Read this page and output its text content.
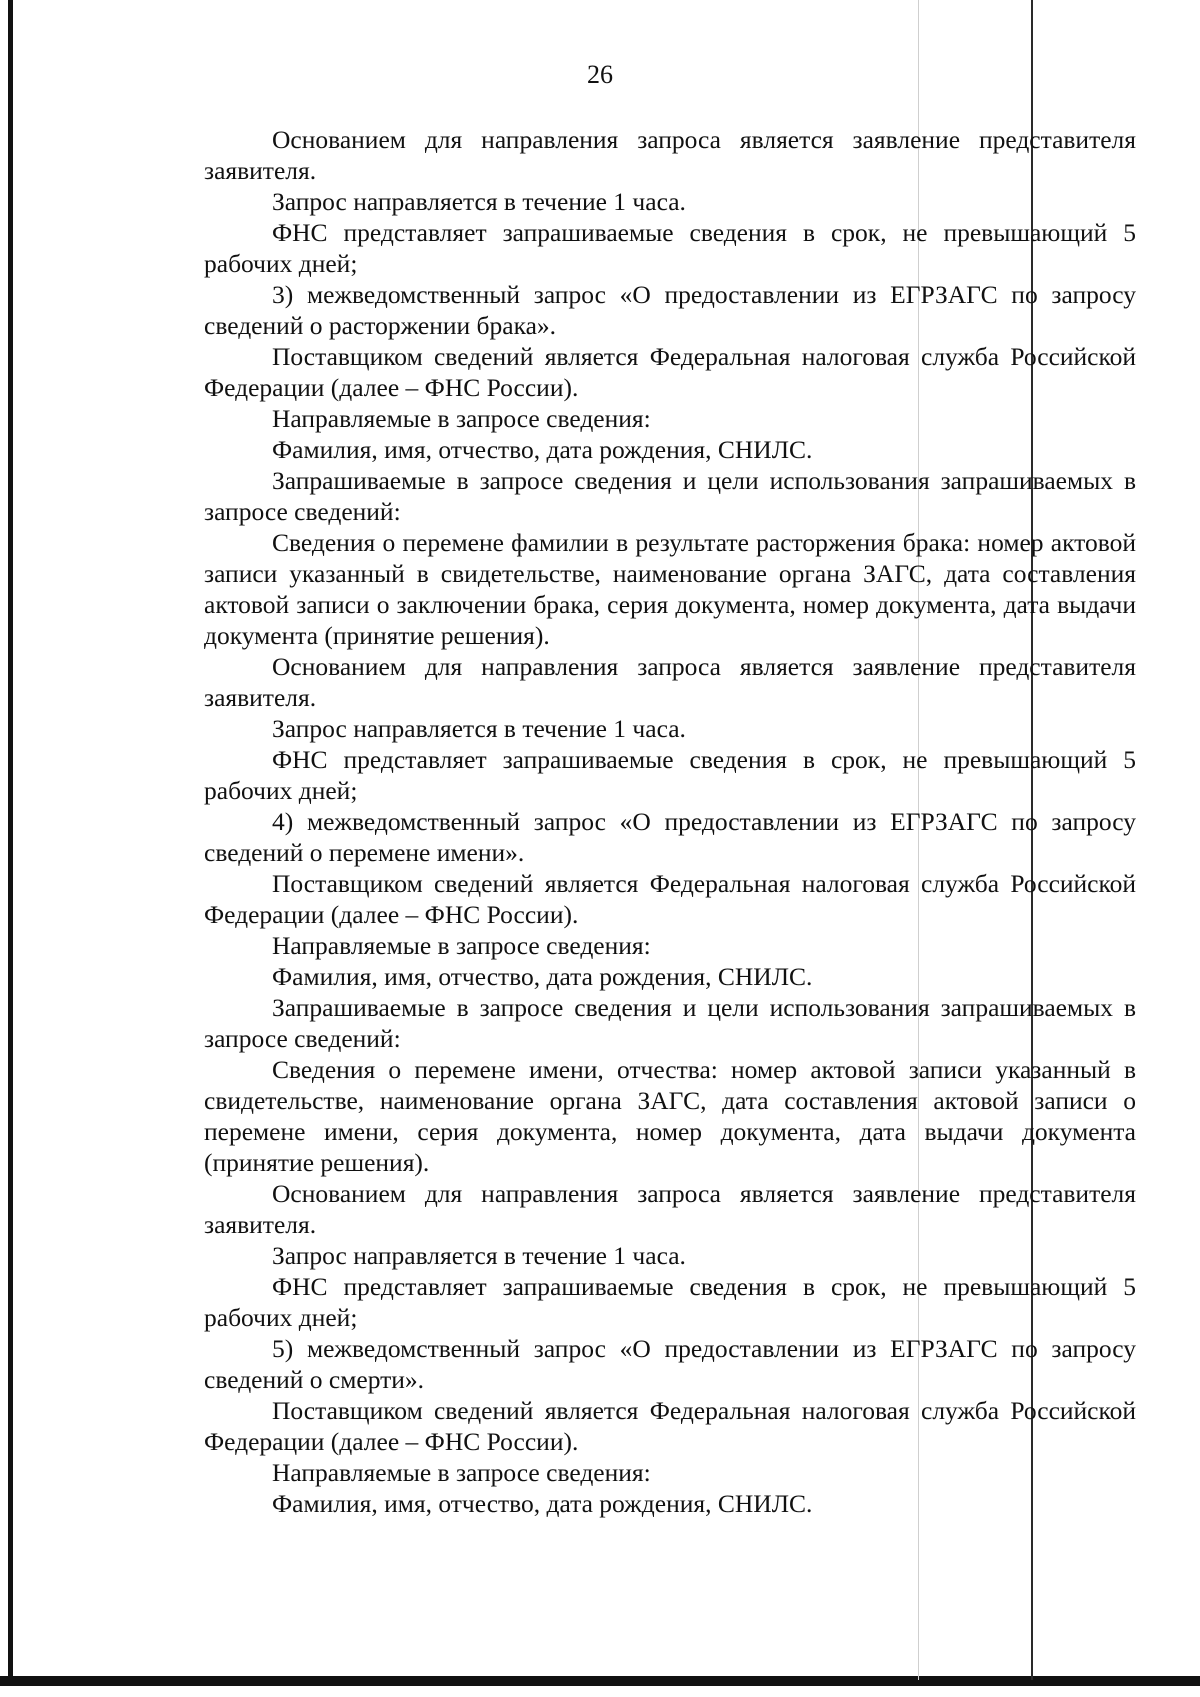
26

Основанием для направления запроса является заявление представителя заявителя.

Запрос направляется в течение 1 часа.

ФНС представляет запрашиваемые сведения в срок, не превышающий 5 рабочих дней;

3) межведомственный запрос «О предоставлении из ЕГРЗАГС по запросу сведений о расторжении брака».

Поставщиком сведений является Федеральная налоговая служба Российской Федерации (далее – ФНС России).

Направляемые в запросе сведения:

Фамилия, имя, отчество, дата рождения, СНИЛС.

Запрашиваемые в запросе сведения и цели использования запрашиваемых в запросе сведений:

Сведения о перемене фамилии в результате расторжения брака: номер актовой записи указанный в свидетельстве, наименование органа ЗАГС, дата составления актовой записи о заключении брака, серия документа, номер документа, дата выдачи документа (принятие решения).

Основанием для направления запроса является заявление представителя заявителя.

Запрос направляется в течение 1 часа.

ФНС представляет запрашиваемые сведения в срок, не превышающий 5 рабочих дней;

4) межведомственный запрос «О предоставлении из ЕГРЗАГС по запросу сведений о перемене имени».

Поставщиком сведений является Федеральная налоговая служба Российской Федерации (далее – ФНС России).

Направляемые в запросе сведения:

Фамилия, имя, отчество, дата рождения, СНИЛС.

Запрашиваемые в запросе сведения и цели использования запрашиваемых в запросе сведений:

Сведения о перемене имени, отчества: номер актовой записи указанный в свидетельстве, наименование органа ЗАГС, дата составления актовой записи о перемене имени, серия документа, номер документа, дата выдачи документа (принятие решения).

Основанием для направления запроса является заявление представителя заявителя.

Запрос направляется в течение 1 часа.

ФНС представляет запрашиваемые сведения в срок, не превышающий 5 рабочих дней;

5) межведомственный запрос «О предоставлении из ЕГРЗАГС по запросу сведений о смерти».

Поставщиком сведений является Федеральная налоговая служба Российской Федерации (далее – ФНС России).

Направляемые в запросе сведения:

Фамилия, имя, отчество, дата рождения, СНИЛС.
